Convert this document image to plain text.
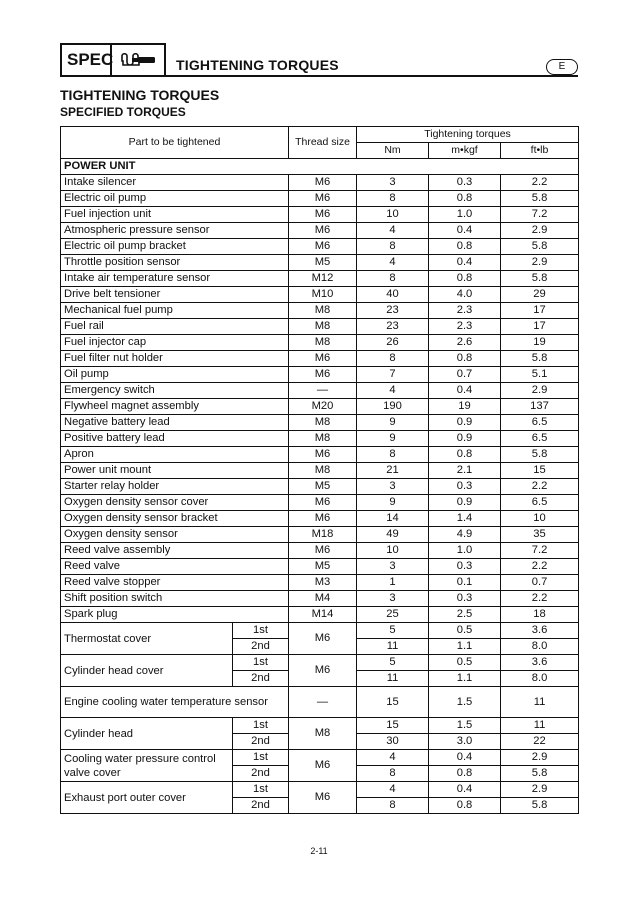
SPEC	TIGHTENING TORQUES	E
TIGHTENING TORQUES
SPECIFIED TORQUES
Part to be tightened		Thread size	Tightening torques		
			Nm	m•kgf	ft•lb
POWER UNIT					
Intake silencer		M6	3	0.3	2.2
Electric oil pump		M6	8	0.8	5.8
Fuel injection unit		M6	10	1.0	7.2
Atmospheric pressure sensor		M6	4	0.4	2.9
Electric oil pump bracket		M6	8	0.8	5.8
Throttle position sensor		M5	4	0.4	2.9
Intake air temperature sensor		M12	8	0.8	5.8
Drive belt tensioner		M10	40	4.0	29
Mechanical fuel pump		M8	23	2.3	17
Fuel rail		M8	23	2.3	17
Fuel injector cap		M8	26	2.6	19
Fuel filter nut holder		M6	8	0.8	5.8
Oil pump		M6	7	0.7	5.1
Emergency switch		—	4	0.4	2.9
Flywheel magnet assembly		M20	190	19	137
Negative battery lead		M8	9	0.9	6.5
Positive battery lead		M8	9	0.9	6.5
Apron		M6	8	0.8	5.8
Power unit mount		M8	21	2.1	15
Starter relay holder		M5	3	0.3	2.2
Oxygen density sensor cover		M6	9	0.9	6.5
Oxygen density sensor bracket		M6	14	1.4	10
Oxygen density sensor		M18	49	4.9	35
Reed valve assembly		M6	10	1.0	7.2
Reed valve		M5	3	0.3	2.2
Reed valve stopper		M3	1	0.1	0.7
Shift position switch		M4	3	0.3	2.2
Spark plug		M14	25	2.5	18
Thermostat cover	1st	M6	5	0.5	3.6
	2nd		11	1.1	8.0
Cylinder head cover	1st	M6	5	0.5	3.6
	2nd		11	1.1	8.0
Engine cooling water temperature sensor		—	15	1.5	11
Cylinder head	1st	M8	15	1.5	11
	2nd		30	3.0	22
Cooling water pressure control valve cover	1st	M6	4	0.4	2.9
	2nd		8	0.8	5.8
Exhaust port outer cover	1st	M6	4	0.4	2.9
	2nd		8	0.8	5.8
2-11
